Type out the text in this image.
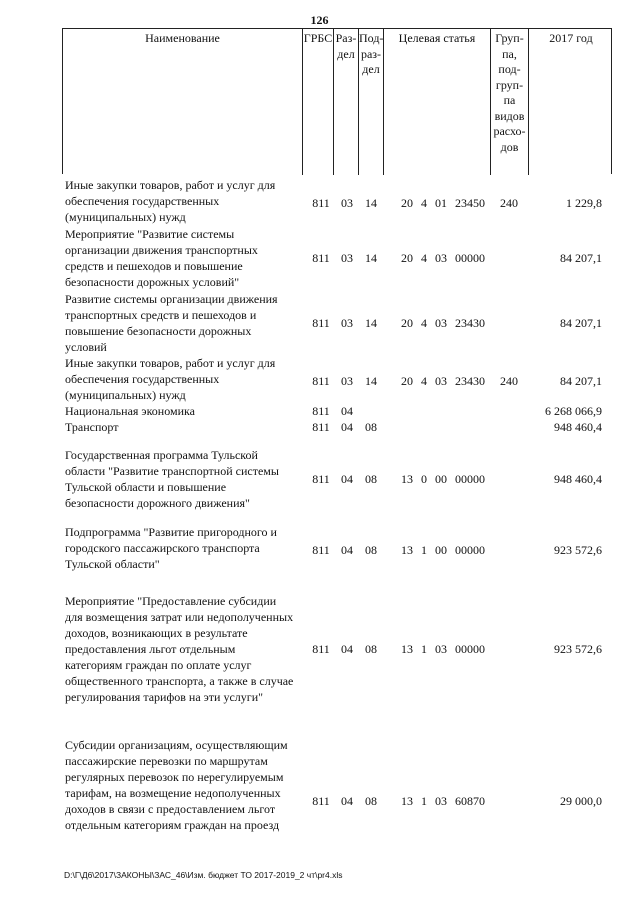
126
Наименование	ГРБС Раз-
дел
Под-
раз-
дел
Целевая статья	Груп-
па,
под-
груп-
па
видов
расхо-
дов
2017 год
Иные закупки товаров, работ и услуг для обеспечения государственных (муниципальных) нужд
811 03	14	20 4 01 23450	240	1 229,8
Мероприятие "Развитие системы организации движения транспортных средств и пешеходов и повышение безопасности дорожных условий"
811 03	14	20 4 03 00000	84 207,1
Развитие системы организации движения транспортных средств и пешеходов и повышение безопасности дорожных условий
811 03	14	20 4 03 23430	84 207,1
Иные закупки товаров, работ и услуг для обеспечения государственных (муниципальных) нужд
811 03	14	20 4 03 23430	240	84 207,1
Национальная экономика	811 04	6 268 066,9
Транспорт	811 04	08	948 460,4
Государственная программа Тульской области "Развитие транспортной системы Тульской области и повышение безопасности дорожного движения"
811 04	08	13 0 00 00000	948 460,4
Подпрограмма "Развитие пригородного и городского пассажирского транспорта Тульской области"
811 04	08	13 1 00 00000	923 572,6
Мероприятие "Предоставление субсидии для возмещения затрат или недополученных доходов, возникающих в результате предоставления льгот отдельным категориям граждан по оплате услуг общественного транспорта, а также в случае регулирования тарифов на эти услуги"
811 04	08	13 1 03 00000	923 572,6
Субсидии организациям, осуществляющим пассажирские перевозки по маршрутам регулярных перевозок по нерегулируемым тарифам, на возмещение недополученных доходов в связи с предоставлением льгот отдельным категориям граждан на проезд
811 04	08	13 1 03 60870	29 000,0
D:\Г\Д6\2017\ЗАКОНЫ\ЗАС_46\Изм. бюджет ТО 2017-2019_2 чт\pr4.xls
